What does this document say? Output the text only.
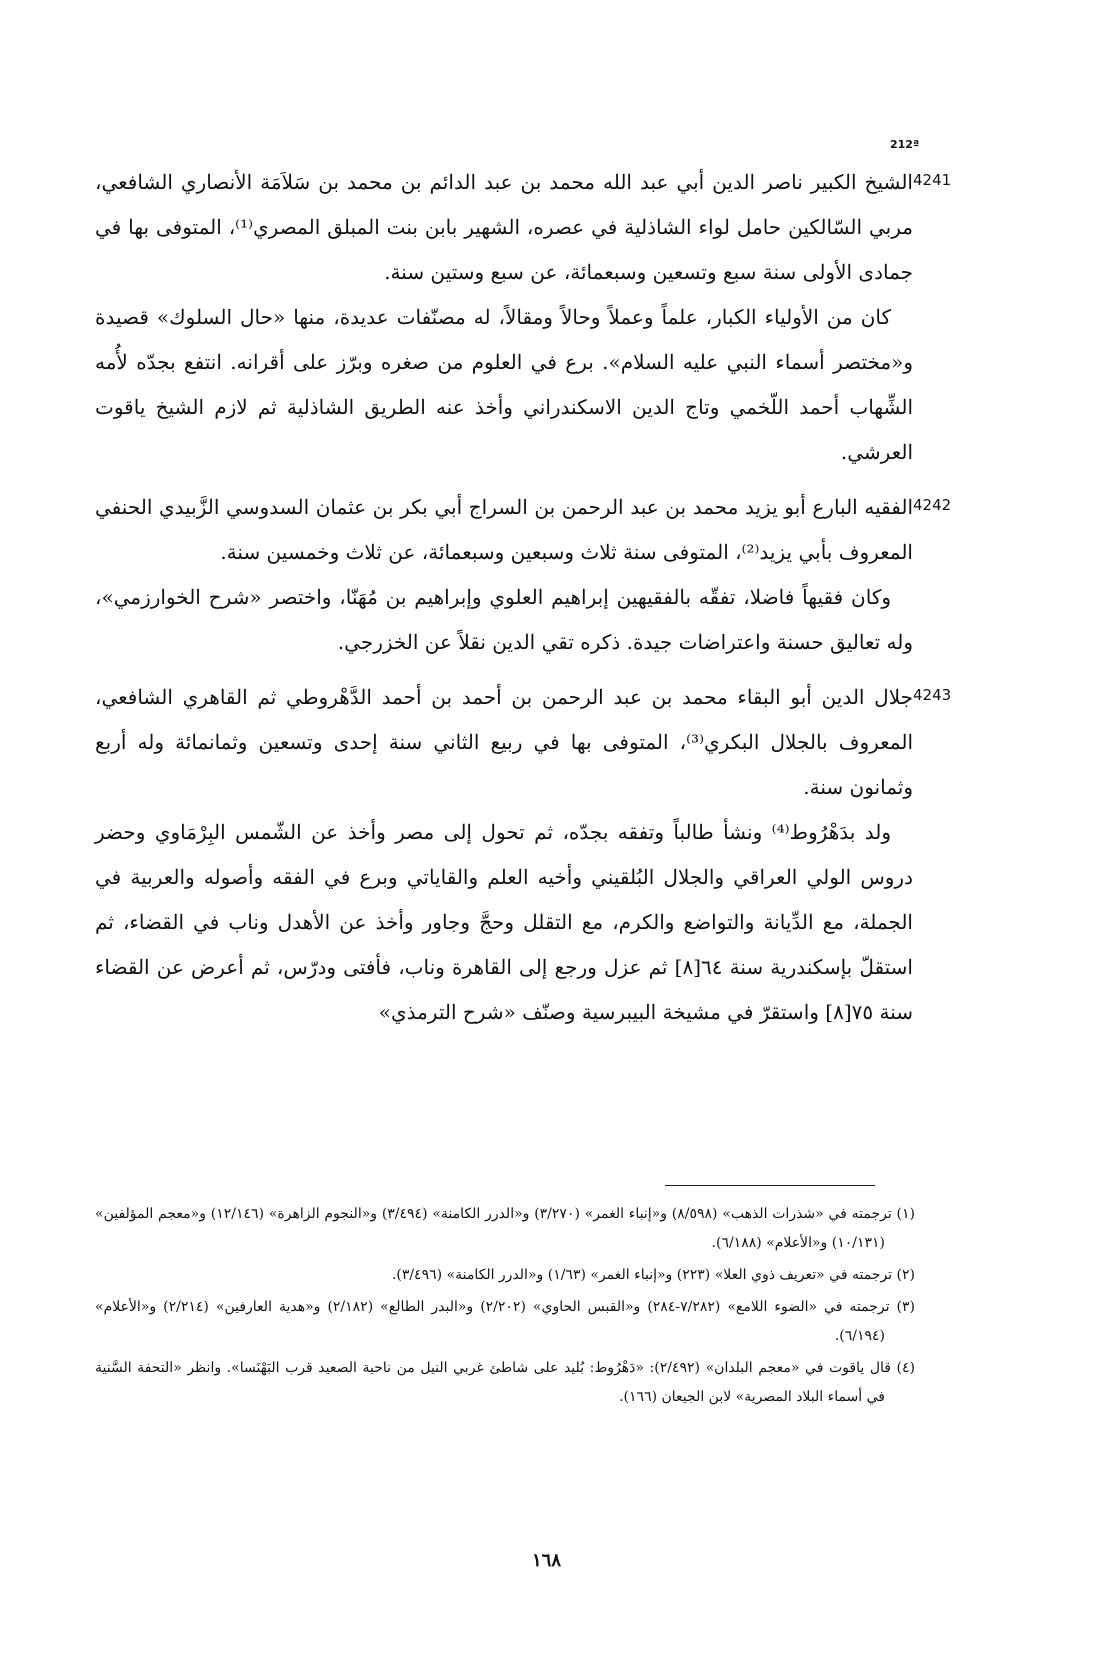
212ª
4241

الشيخ الكبير ناصر الدين أبي عبد الله محمد بن عبد الدائم بن محمد بن سَلاَمَة الأنصاري الشافعي، مربي السّالكين حامل لواء الشاذلية في عصره، الشهير بابن بنت المبلق المصري⁽¹⁾، المتوفى بها في جمادى الأولى سنة سبع وتسعين وسبعمائة، عن سبع وستين سنة.

كان من الأولياء الكبار، علماً وعملاً وحالاً ومقالاً، له مصنّفات عديدة، منها «حال السلوك» قصيدة و«مختصر أسماء النبي عليه السلام». برع في العلوم من صغره وبرّز على أقرانه. انتفع بجدّه لأُمه الشِّهاب أحمد اللّخمي وتاج الدين الاسكندراني وأخذ عنه الطريق الشاذلية ثم لازم الشيخ ياقوت العرشي.

4242

الفقيه البارع أبو يزيد محمد بن عبد الرحمن بن السراج أبي بكر بن عثمان السدوسي الزَّبيدي الحنفي المعروف بأبي يزيد⁽²⁾، المتوفى سنة ثلاث وسبعين وسبعمائة، عن ثلاث وخمسين سنة.

وكان فقيهاً فاضلا، تفقّه بالفقيهين إبراهيم العلوي وإبراهيم بن مُهَنّا، واختصر «شرح الخوارزمي»، وله تعاليق حسنة واعتراضات جيدة. ذكره تقي الدين نقلاً عن الخزرجي.

4243

جلال الدين أبو البقاء محمد بن عبد الرحمن بن أحمد بن أحمد الدَّهْروطي ثم القاهري الشافعي، المعروف بالجلال البكري⁽³⁾، المتوفى بها في ربيع الثاني سنة إحدى وتسعين وثمانمائة وله أربع وثمانون سنة.

ولد بدَهْرُوط⁽⁴⁾ ونشأ طالباً وتفقه بجدّه، ثم تحول إلى مصر وأخذ عن الشّمس البِرْمَاوي وحضر دروس الولي العراقي والجلال البُلقيني وأخيه العلم والقاياتي وبرع في الفقه وأصوله والعربية في الجملة، مع الدِّيانة والتواضع والكرم، مع التقلل وحجَّ وجاور وأخذ عن الأهدل وناب في القضاء، ثم استقلّ بإسكندرية سنة ٦٤[٨] ثم عزل ورجع إلى القاهرة وناب، فأفتى ودرّس، ثم أعرض عن القضاء سنة ٧٥[٨] واستقرّ في مشيخة البيبرسية وصنّف «شرح الترمذي»

(١) ترجمته في «شذرات الذهب» (٨/٥٩٨) و«إنباء الغمر» (٣/٢٧٠) و«الدرر الكامنة» (٣/٤٩٤) و«النجوم الزاهرة» (١٢/١٤٦) و«معجم المؤلفين» (١٠/١٣١) و«الأعلام» (٦/١٨٨).

(٢) ترجمته في «تعريف ذوي العلا» (٢٢٣) و«إنباء الغمر» (١/٦٣) و«الدرر الكامنة» (٣/٤٩٦).

(٣) ترجمته في «الضوء اللامع» (٧/٢٨٢-٢٨٤) و«القبس الحاوي» (٢/٢٠٢) و«البدر الطالع» (٢/١٨٢) و«هدية العارفين» (٢/٢١٤) و«الأعلام» (٦/١٩٤).

(٤) قال ياقوت في «معجم البلدان» (٢/٤٩٢): «دَهْرُوط: بُليد على شاطئ غربي النيل من ناحية الصعيد قرب البَهْنَسا». وانظر «التحفة السَّنية في أسماء البلاد المصرية» لابن الجيعان (١٦٦).

١٦٨
